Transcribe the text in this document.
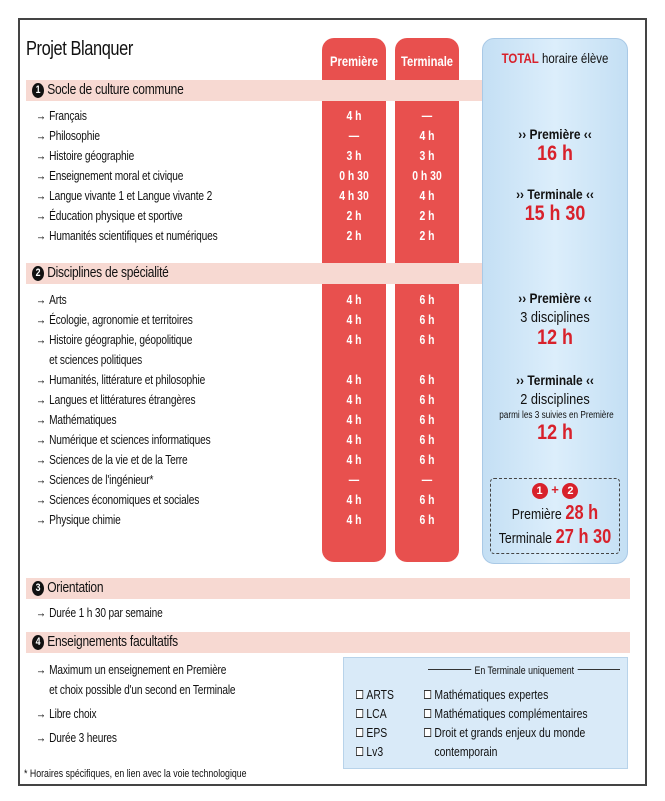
Projet Blanquer
Première	Terminale	TOTAL horaire élève
1 Socle de culture commune
→ Français
→ Philosophie
→ Histoire géographie
→ Enseignement moral et civique
→ Langue vivante 1 et Langue vivante 2
→ Éducation physique et sportive
→ Humanités scientifiques et numériques
4 h
—
3 h
0 h 30
4 h 30
2 h
2 h
—
4 h
3 h
0 h 30
4 h
2 h
2 h
›› Première ‹‹
16 h
›› Terminale ‹‹
15 h 30
2 Disciplines de spécialité
→ Arts
→ Écologie, agronomie et territoires
→ Histoire géographie, géopolitique
et sciences politiques
→ Humanités, littérature et philosophie
→ Langues et littératures étrangères
→ Mathématiques
→ Numérique et sciences informatiques
→ Sciences de la vie et de la Terre
→ Sciences de l'ingénieur*
→ Sciences économiques et sociales
→ Physique chimie
4 h
4 h
4 h
4 h
4 h
4 h
4 h
4 h
—
4 h
4 h
6 h
6 h
6 h
6 h
6 h
6 h
6 h
6 h
—
6 h
6 h
›› Première ‹‹
3 disciplines
12 h
›› Terminale ‹‹
2 disciplines
parmi les 3 suivies en Première
12 h
1 + 2
Première 28 h
Terminale 27 h 30
3 Orientation
→ Durée 1 h 30 par semaine
4 Enseignements facultatifs
→ Maximum un enseignement en Première
et choix possible d'un second en Terminale
→ Libre choix
→ Durée 3 heures
En Terminale uniquement
ARTS
LCA
EPS
Lv3
Mathématiques expertes
Mathématiques complémentaires
Droit et grands enjeux du monde
contemporain
* Horaires spécifiques, en lien avec la voie technologique
